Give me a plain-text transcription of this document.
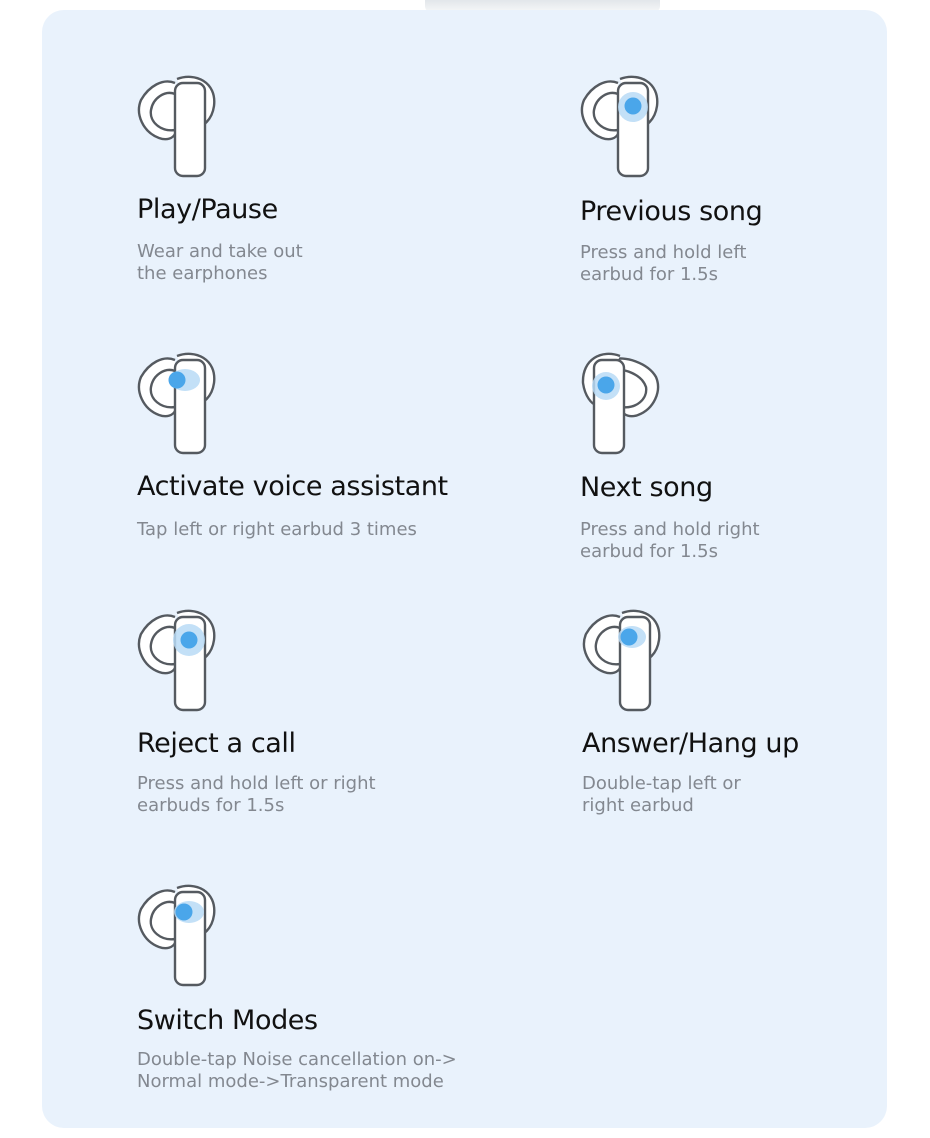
Play/Pause
Wear and take out
the earphones
Previous song
Press and hold left
earbud for 1.5s
Activate voice assistant
Tap left or right earbud 3 times
Next song
Press and hold right
earbud for 1.5s
Reject a call
Press and hold left or right
earbuds for 1.5s
Answer/Hang up
Double-tap left or
right earbud
Switch Modes
Double-tap Noise cancellation on->
Normal mode->Transparent mode
